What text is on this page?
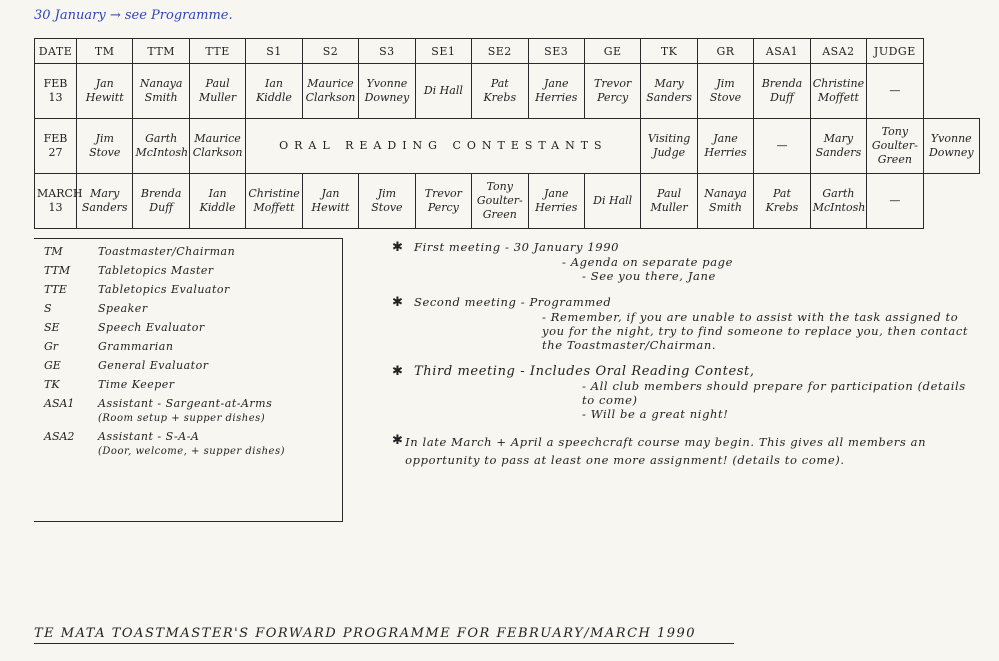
30 January → see Programme.
DATE	TM	TTM	TTE	S1	S2	S3	SE1	SE2	SE3	GE	TK	GR	ASA1	ASA2	JUDGE	
FEB 13	Jan Hewitt	Nanaya Smith	Paul Muller	Ian Kiddle	Maurice Clarkson	Yvonne Downey	Di Hall	Pat Krebs	Jane Herries	Trevor Percy	Mary Sanders	Jim Stove	Brenda Duff	Christine Moffett	—	
FEB 27	Jim Stove	Garth McIntosh	Maurice Clarkson	ORAL READING CONTESTANTS							Visiting Judge	Jane Herries	—	Mary Sanders	Tony Goulter-Green	Yvonne Downey
MARCH 13	Mary Sanders	Brenda Duff	Ian Kiddle	Christine Moffett	Jan Hewitt	Jim Stove	Trevor Percy	Tony Goulter-Green	Jane Herries	Di Hall	Paul Muller	Nanaya Smith	Pat Krebs	Garth McIntosh	—	
TM	Toastmaster/Chairman
TTM	Tabletopics Master
TTE	Tabletopics Evaluator
S	Speaker
SE	Speech Evaluator
Gr	Grammarian
GE	General Evaluator
TK	Time Keeper
ASA1	Assistant - Sargeant-at-Arms
(Room setup + supper dishes)
ASA2	Assistant - S-A-A
(Door, welcome, + supper dishes)
✱ First meeting - 30 January 1990
- Agenda on separate page
- See you there, Jane
✱ Second meeting - Programmed
- Remember, if you are unable to assist with the task assigned to you for the night, try to find someone to replace you, then contact the Toastmaster/Chairman.
✱ Third meeting - Includes Oral Reading Contest,
- All club members should prepare for participation (details to come)
- Will be a great night!
✱ In late March + April a speechcraft course may begin. This gives all members an opportunity to pass at least one more assignment! (details to come).
TE MATA TOASTMASTER'S FORWARD PROGRAMME FOR FEBRUARY/MARCH 1990
